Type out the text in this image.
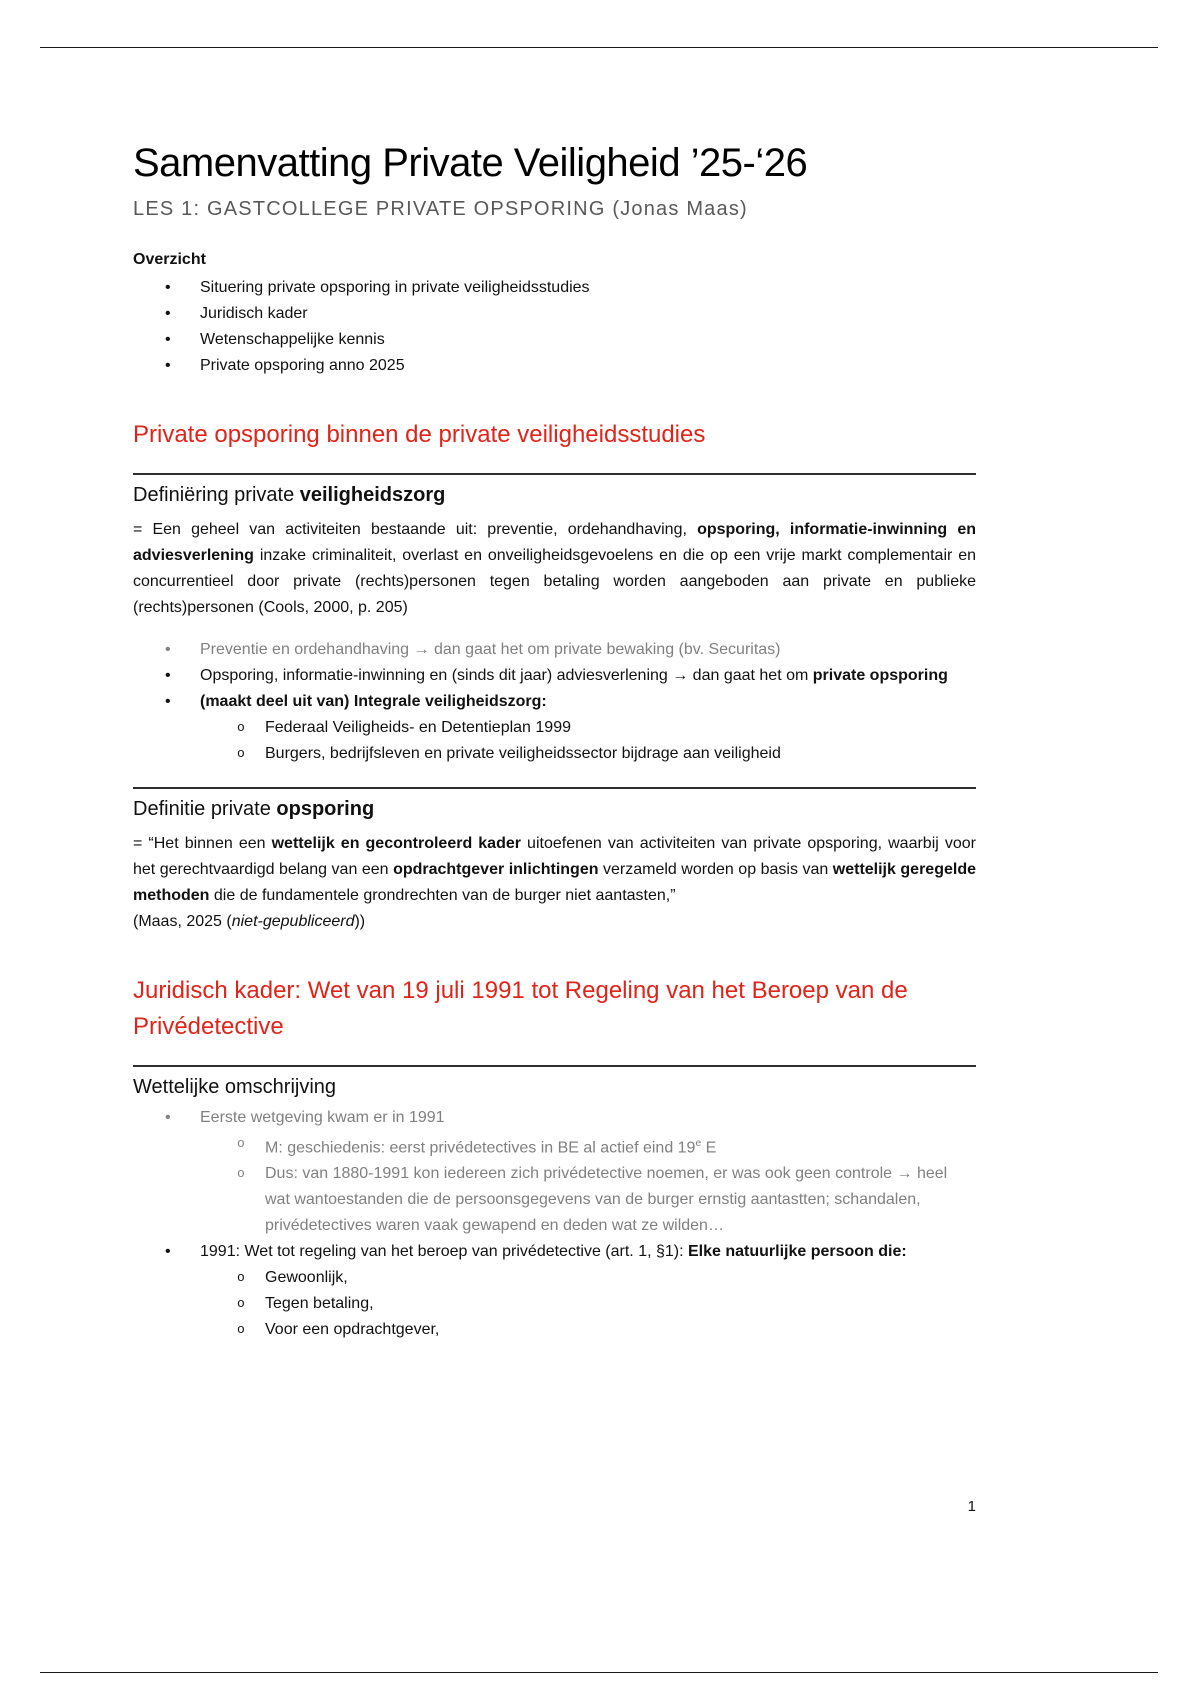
Samenvatting Private Veiligheid ’25-‘26
LES 1: GASTCOLLEGE PRIVATE OPSPORING (Jonas Maas)
Overzicht
•	Situering private opsporing in private veiligheidsstudies
•	Juridisch kader
•	Wetenschappelijke kennis
•	Private opsporing anno 2025
Private opsporing binnen de private veiligheidsstudies
Definiëring private veiligheidszorg

= Een geheel van activiteiten bestaande uit: preventie, ordehandhaving, opsporing, informatie-inwinning en adviesverlening inzake criminaliteit, overlast en onveiligheidsgevoelens en die op een vrije markt complementair en concurrentieel door private (rechts)personen tegen betaling worden aangeboden aan private en publieke (rechts)personen (Cools, 2000, p. 205)

•	Preventie en ordehandhaving → dan gaat het om private bewaking (bv. Securitas)
•	Opsporing, informatie-inwinning en (sinds dit jaar) adviesverlening → dan gaat het om private opsporing
•	(maakt deel uit van) Integrale veiligheidszorg:
o	Federaal Veiligheids- en Detentieplan 1999
o	Burgers, bedrijfsleven en private veiligheidssector bijdrage aan veiligheid
Definitie private opsporing

= “Het binnen een wettelijk en gecontroleerd kader uitoefenen van activiteiten van private opsporing, waarbij voor het gerechtvaardigd belang van een opdrachtgever inlichtingen verzameld worden op basis van wettelijk geregelde methoden die de fundamentele grondrechten van de burger niet aantasten,”

(Maas, 2025 (niet-gepubliceerd))

Juridisch kader: Wet van 19 juli 1991 tot Regeling van het Beroep van de Privédetective
Wettelijke omschrijving
•	Eerste wetgeving kwam er in 1991
o	M: geschiedenis: eerst privédetectives in BE al actief eind 19e E
o	Dus: van 1880-1991 kon iedereen zich privédetective noemen, er was ook geen controle → heel wat wantoestanden die de persoonsgegevens van de burger ernstig aantastten; schandalen, privédetectives waren vaak gewapend en deden wat ze wilden…
•	1991: Wet tot regeling van het beroep van privédetective (art. 1, §1): Elke natuurlijke persoon die:
o	Gewoonlijk,
o	Tegen betaling,
o	Voor een opdrachtgever,
1
